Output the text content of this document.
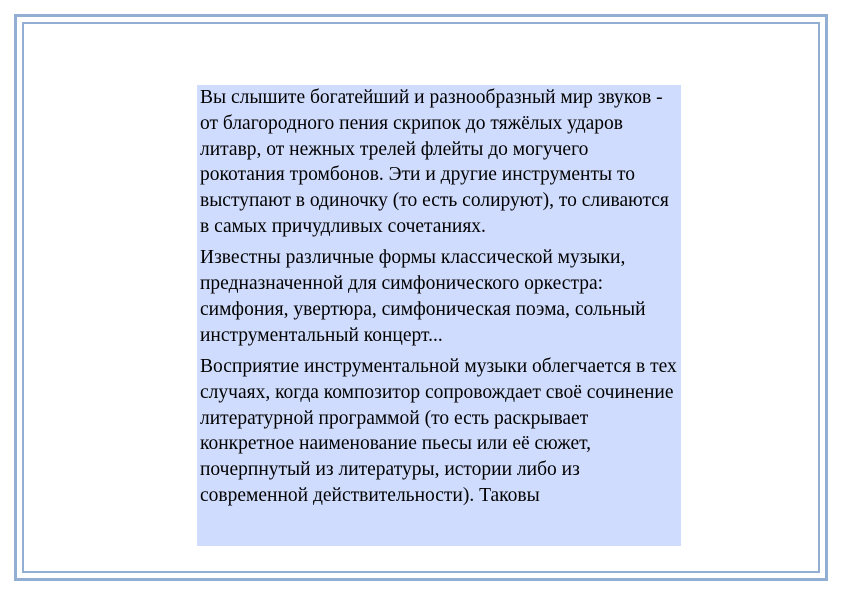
Вы слышите богатейший и разнообразный мир звуков - от благородного пения скрипок до тяжёлых ударов литавр, от нежных трелей флейты до могучего рокотания тромбонов. Эти и другие инструменты то выступают в одиночку (то есть солируют), то сливаются в самых причудливых сочетаниях.

Известны различные формы классической музыки, предназначенной для симфонического оркестра: симфония, увертюра, симфоническая поэма, сольный инструментальный концерт...

Восприятие инструментальной музыки облегчается в тех случаях, когда композитор сопровождает своё сочинение литературной программой (то есть раскрывает конкретное наименование пьесы или её сюжет, почерпнутый из литературы, истории либо из современной действительности). Таковы
